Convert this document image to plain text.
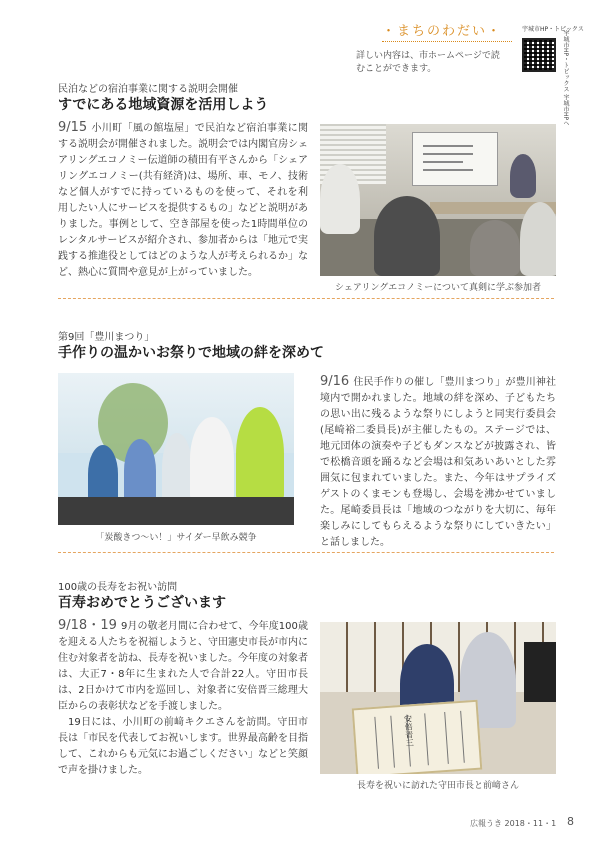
・まちのわだい・
詳しい内容は、市ホームページで読むことができます。
宇城市HP・トピックス
宇城市HP・トピックス 宇城市HPへ
民泊などの宿泊事業に関する説明会開催
すでにある地域資源を活用しよう
9/15 小川町「風の館塩屋」で民泊など宿泊事業に関する説明会が開催されました。説明会では内閣官房シェアリングエコノミー伝道師の積田有平さんから「シェアリングエコノミー(共有経済)は、場所、車、モノ、技術など個人がすでに持っているものを使って、それを利用したい人にサービスを提供するもの」などと説明がありました。事例として、空き部屋を使った1時間単位のレンタルサービスが紹介され、参加者からは「地元で実践する推進役としてはどのような人が考えられるか」など、熱心に質問や意見が上がっていました。
シェアリングエコノミーについて真剣に学ぶ参加者
第9回「豊川まつり」
手作りの温かいお祭りで地域の絆を深めて
「炭酸きつ〜い！」サイダー早飲み競争
9/16 住民手作りの催し「豊川まつり」が豊川神社境内で開かれました。地域の絆を深め、子どもたちの思い出に残るような祭りにしようと同実行委員会(尾崎裕二委員長)が主催したもの。ステージでは、地元団体の演奏や子どもダンスなどが披露され、皆で松橋音頭を踊るなど会場は和気あいあいとした雰囲気に包まれていました。また、今年はサプライズゲストのくまモンも登場し、会場を沸かせていました。尾崎委員長は「地域のつながりを大切に、毎年楽しみにしてもらえるような祭りにしていきたい」と話しました。
100歳の長寿をお祝い訪問
百寿おめでとうございます
9/18・19 9月の敬老月間に合わせて、今年度100歳を迎える人たちを祝福しようと、守田憲史市長が市内に住む対象者を訪ね、長寿を祝いました。今年度の対象者は、大正7・8年に生まれた人で合計22人。守田市長は、2日かけて市内を巡回し、対象者に安倍晋三総理大臣からの表彰状などを手渡しました。
19日には、小川町の前﨑キクエさんを訪問。守田市長は「市民を代表してお祝いします。世界最高齢を目指して、これからも元気にお過ごしください」などと笑顔で声を掛けました。
安倍晋三
長寿を祝いに訪れた守田市長と前﨑さん
広報うき 2018・11・1 8
